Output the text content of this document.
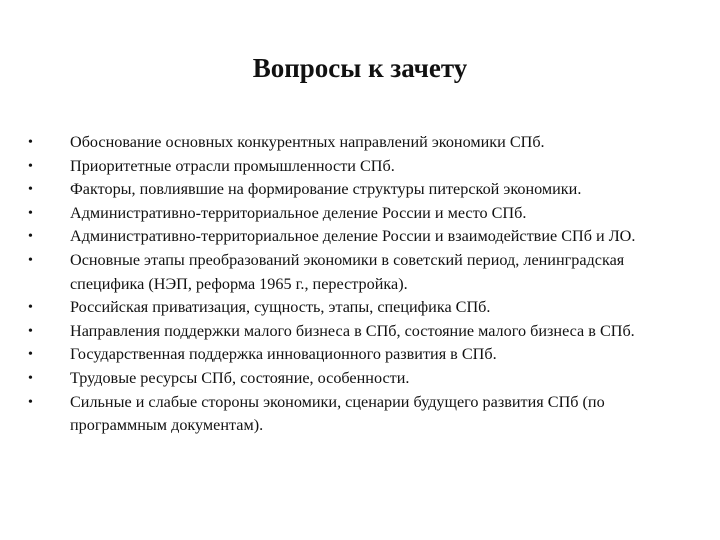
Вопросы к зачету
•	Обоснование основных конкурентных направлений экономики СПб.
•	Приоритетные отрасли промышленности СПб.
•	Факторы, повлиявшие на формирование структуры питерской экономики.
•	Административно-территориальное деление России и место СПб.
•	Административно-территориальное деление России и взаимодействие СПб и ЛО.
•	Основные этапы преобразований экономики в советский период, ленинградская специфика (НЭП, реформа 1965 г., перестройка).
•	Российская приватизация, сущность, этапы, специфика СПб.
•	Направления поддержки малого бизнеса в СПб, состояние малого бизнеса в СПб.
•	Государственная поддержка инновационного развития в СПб.
•	Трудовые ресурсы СПб, состояние, особенности.
•	Сильные и слабые стороны экономики, сценарии будущего развития СПб (по программным документам).
